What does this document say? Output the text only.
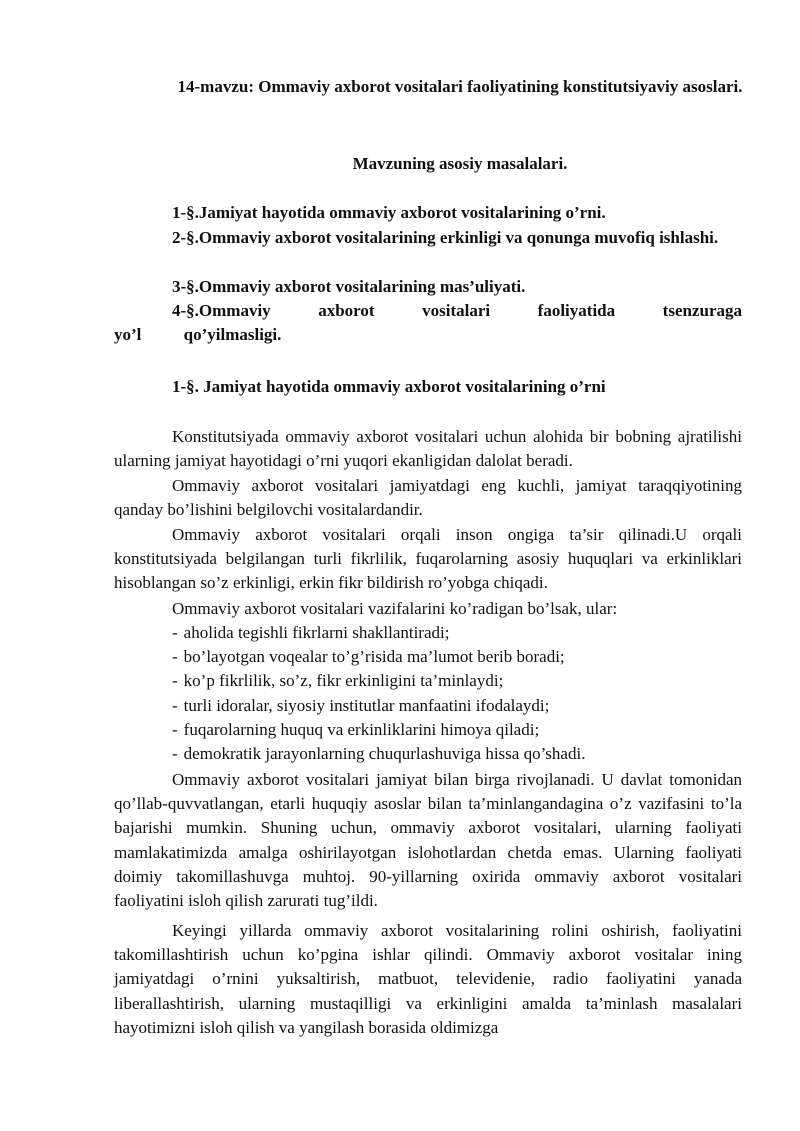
14-mavzu: Ommaviy axborot vositalari faoliyatining konstitutsiyaviy asoslari.

Mavzuning asosiy masalalari.

1-§.Jamiyat hayotida ommaviy axborot vositalarining o’rni.

2-§.Ommaviy axborot vositalarining erkinligi va qonunga muvofiq ishlashi.

3-§.Ommaviy axborot vositalarining mas’uliyati.

4-§.Ommaviy axborot vositalari faoliyatida tsenzuraga yo’l qo’yilmasligi.

1-§. Jamiyat hayotida ommaviy axborot vositalarining o’rni

Konstitutsiyada ommaviy axborot vositalari uchun alohida bir bobning ajratilishi ularning jamiyat hayotidagi o’rni yuqori ekanligidan dalolat beradi.

Ommaviy axborot vositalari jamiyatdagi eng kuchli, jamiyat taraqqiyotining qanday bo’lishini belgilovchi vositalardandir.

Ommaviy axborot vositalari orqali inson ongiga ta’sir qilinadi.U orqali konstitutsiyada belgilangan turli fikrlilik, fuqarolarning asosiy huquqlari va erkinliklari hisoblangan so’z erkinligi, erkin fikr bildirish ro’yobga chiqadi.

Ommaviy axborot vositalari vazifalarini ko’radigan bo’lsak, ular:

- aholida tegishli fikrlarni shakllantiradi;
- bo’layotgan voqealar to’g’risida ma’lumot berib boradi;
- ko’p fikrlilik, so’z, fikr erkinligini ta’minlaydi;
- turli idoralar, siyosiy institutlar manfaatini ifodalaydi;
- fuqarolarning huquq va erkinliklarini himoya qiladi;
- demokratik jarayonlarning chuqurlashuviga hissa qo’shadi.

Ommaviy axborot vositalari jamiyat bilan birga rivojlanadi. U davlat tomonidan qo’llab-quvvatlangan, etarli huquqiy asoslar bilan ta’minlangandagina o’z vazifasini to’la bajarishi mumkin. Shuning uchun, ommaviy axborot vositalari, ularning faoliyati mamlakatimizda amalga oshirilayotgan islohotlardan chetda emas. Ularning faoliyati doimiy takomillashuvga muhtoj. 90-yillarning oxirida ommaviy axborot vositalari faoliyatini isloh qilish zarurati tug’ildi.

Keyingi yillarda ommaviy axborot vositalarining rolini oshirish, faoliyatini takomillashtirish uchun ko’pgina ishlar qilindi. Ommaviy axborot vositalar ining jamiyatdagi o’rnini yuksaltirish, matbuot, televidenie, radio faoliyatini yanada liberallashtirish, ularning mustaqilligi va erkinligini amalda ta’minlash masalalari hayotimizni isloh qilish va yangilash borasida oldimizga
